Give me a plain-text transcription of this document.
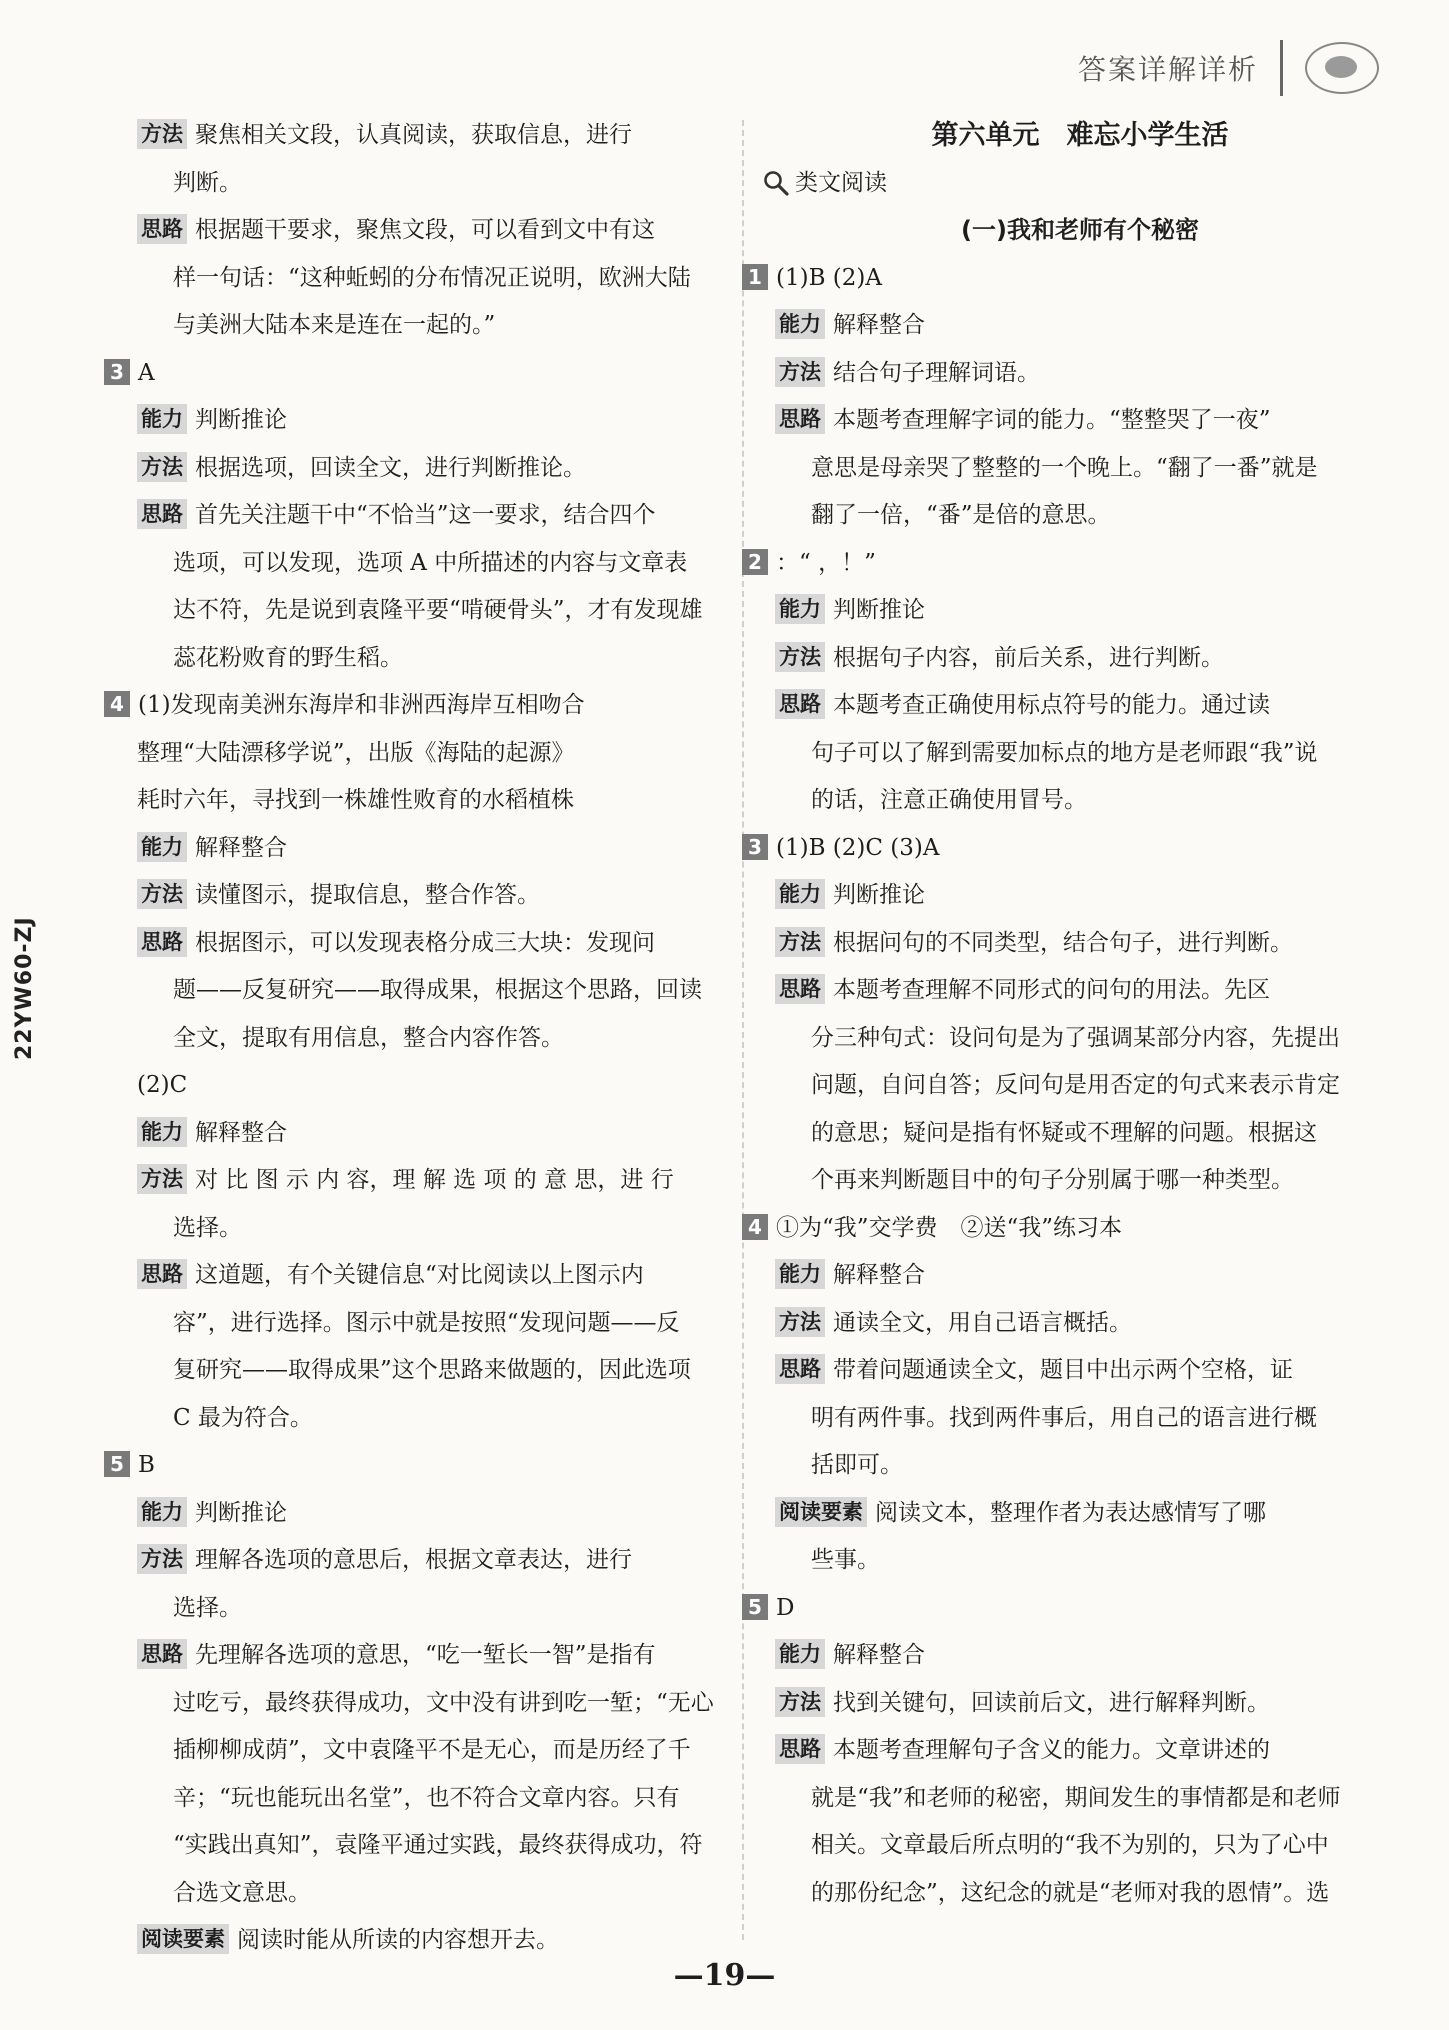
答案详解详析
22YW60-ZJ
方法 聚焦相关文段，认真阅读，获取信息，进行
判断。
思路 根据题干要求，聚焦文段，可以看到文中有这
样一句话：“这种蚯蚓的分布情况正说明，欧洲大陆
与美洲大陆本来是连在一起的。”
3 A
能力 判断推论
方法 根据选项，回读全文，进行判断推论。
思路 首先关注题干中“不恰当”这一要求，结合四个
选项，可以发现，选项 A 中所描述的内容与文章表
达不符，先是说到袁隆平要“啃硬骨头”，才有发现雄
蕊花粉败育的野生稻。
4 (1)发现南美洲东海岸和非洲西海岸互相吻合
整理“大陆漂移学说”，出版《海陆的起源》
耗时六年，寻找到一株雄性败育的水稻植株
能力 解释整合
方法 读懂图示，提取信息，整合作答。
思路 根据图示，可以发现表格分成三大块：发现问
题——反复研究——取得成果，根据这个思路，回读
全文，提取有用信息，整合内容作答。
(2)C
能力 解释整合
方法 对 比 图 示 内 容，理 解 选 项 的 意 思，进 行
选择。
思路 这道题，有个关键信息“对比阅读以上图示内
容”，进行选择。图示中就是按照“发现问题——反
复研究——取得成果”这个思路来做题的，因此选项
C 最为符合。
5 B
能力 判断推论
方法 理解各选项的意思后，根据文章表达，进行
选择。
思路 先理解各选项的意思，“吃一堑长一智”是指有
过吃亏，最终获得成功，文中没有讲到吃一堑；“无心
插柳柳成荫”，文中袁隆平不是无心，而是历经了千
辛；“玩也能玩出名堂”，也不符合文章内容。只有
“实践出真知”，袁隆平通过实践，最终获得成功，符
合选文意思。
阅读要素 阅读时能从所读的内容想开去。
第六单元　难忘小学生活
类文阅读
(一)我和老师有个秘密
1 (1)B (2)A
能力 解释整合
方法 结合句子理解词语。
思路 本题考查理解字词的能力。“整整哭了一夜”
意思是母亲哭了整整的一个晚上。“翻了一番”就是
翻了一倍，“番”是倍的意思。
2 ：“ ，！”
能力 判断推论
方法 根据句子内容，前后关系，进行判断。
思路 本题考查正确使用标点符号的能力。通过读
句子可以了解到需要加标点的地方是老师跟“我”说
的话，注意正确使用冒号。
3 (1)B (2)C (3)A
能力 判断推论
方法 根据问句的不同类型，结合句子，进行判断。
思路 本题考查理解不同形式的问句的用法。先区
分三种句式：设问句是为了强调某部分内容，先提出
问题，自问自答；反问句是用否定的句式来表示肯定
的意思；疑问是指有怀疑或不理解的问题。根据这
个再来判断题目中的句子分别属于哪一种类型。
4 ①为“我”交学费　②送“我”练习本
能力 解释整合
方法 通读全文，用自己语言概括。
思路 带着问题通读全文，题目中出示两个空格，证
明有两件事。找到两件事后，用自己的语言进行概
括即可。
阅读要素 阅读文本，整理作者为表达感情写了哪
些事。
5 D
能力 解释整合
方法 找到关键句，回读前后文，进行解释判断。
思路 本题考查理解句子含义的能力。文章讲述的
就是“我”和老师的秘密，期间发生的事情都是和老师
相关。文章最后所点明的“我不为别的，只为了心中
的那份纪念”，这纪念的就是“老师对我的恩情”。选
—19—
